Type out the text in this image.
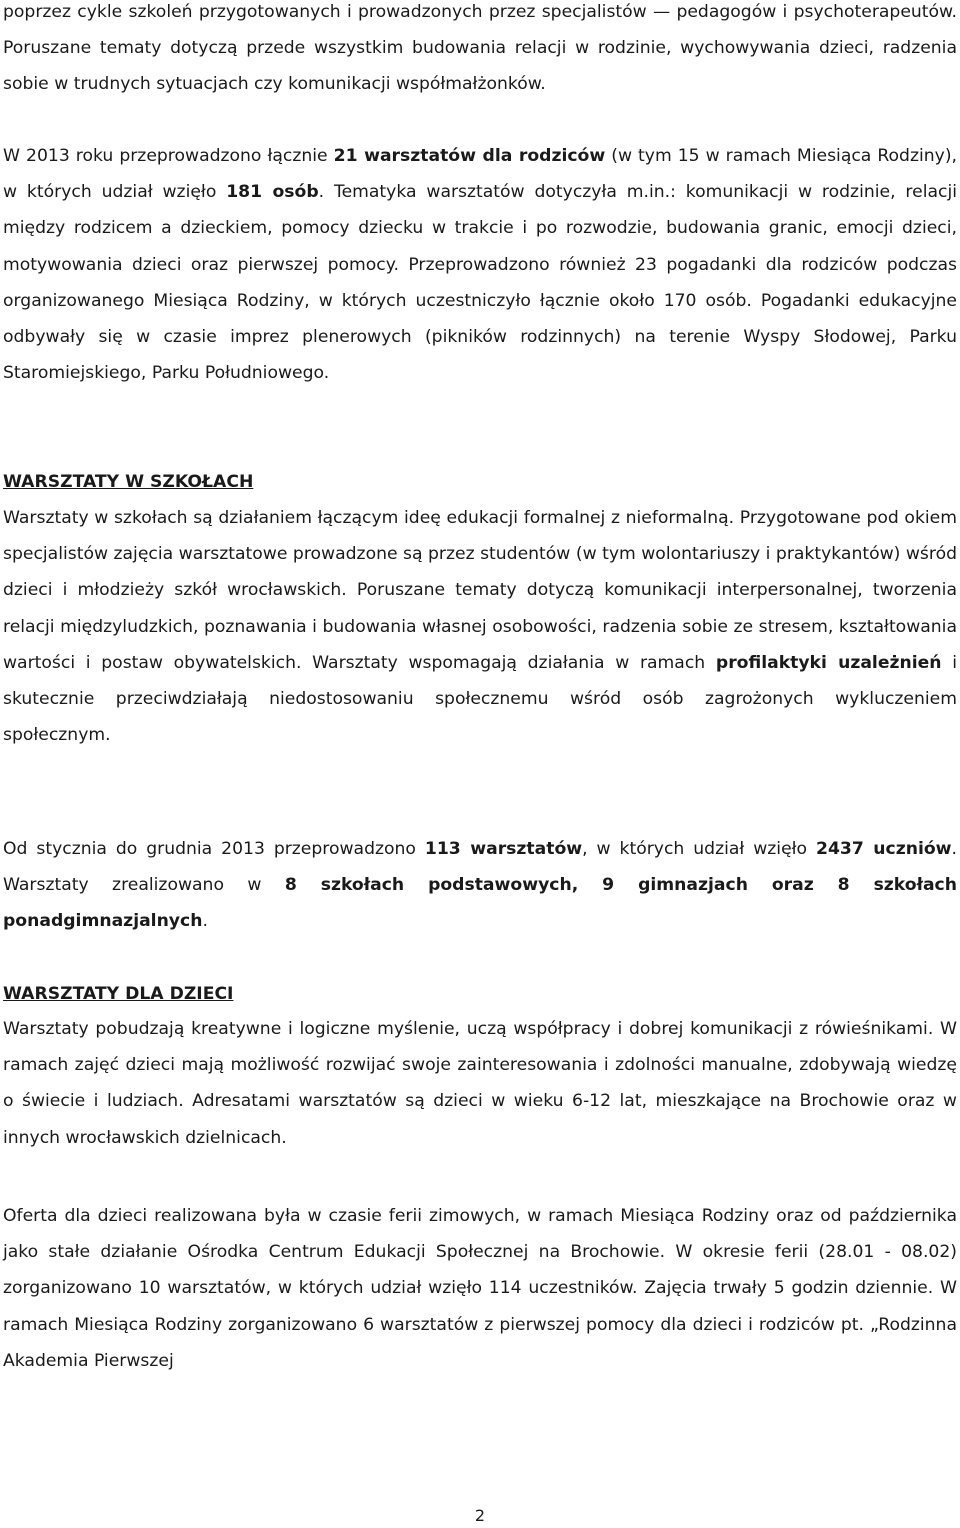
poprzez cykle szkoleń przygotowanych i prowadzonych przez specjalistów — pedagogów i psychoterapeutów. Poruszane tematy dotyczą przede wszystkim budowania relacji w rodzinie, wychowywania dzieci, radzenia sobie w trudnych sytuacjach czy komunikacji współmałżonków.

W 2013 roku przeprowadzono łącznie 21 warsztatów dla rodziców (w tym 15 w ramach Miesiąca Rodziny), w których udział wzięło 181 osób. Tematyka warsztatów dotyczyła m.in.: komunikacji w rodzinie, relacji między rodzicem a dzieckiem, pomocy dziecku w trakcie i po rozwodzie, budowania granic, emocji dzieci, motywowania dzieci oraz pierwszej pomocy. Przeprowadzono również 23 pogadanki dla rodziców podczas organizowanego Miesiąca Rodziny, w których uczestniczyło łącznie około 170 osób. Pogadanki edukacyjne odbywały się w czasie imprez plenerowych (pikników rodzinnych) na terenie Wyspy Słodowej, Parku Staromiejskiego, Parku Południowego.

WARSZTATY W SZKOŁACH

Warsztaty w szkołach są działaniem łączącym ideę edukacji formalnej z nieformalną. Przygotowane pod okiem specjalistów zajęcia warsztatowe prowadzone są przez studentów (w tym wolontariuszy i praktykantów) wśród dzieci i młodzieży szkół wrocławskich. Poruszane tematy dotyczą komunikacji interpersonalnej, tworzenia relacji międzyludzkich, poznawania i budowania własnej osobowości, radzenia sobie ze stresem, kształtowania wartości i postaw obywatelskich. Warsztaty wspomagają działania w ramach profilaktyki uzależnień i skutecznie przeciwdziałają niedostosowaniu społecznemu wśród osób zagrożonych wykluczeniem społecznym.

Od stycznia do grudnia 2013 przeprowadzono 113 warsztatów, w których udział wzięło 2437 uczniów. Warsztaty zrealizowano w 8 szkołach podstawowych, 9 gimnazjach oraz 8 szkołach ponadgimnazjalnych.

WARSZTATY DLA DZIECI

Warsztaty pobudzają kreatywne i logiczne myślenie, uczą współpracy i dobrej komunikacji z rówieśnikami. W ramach zajęć dzieci mają możliwość rozwijać swoje zainteresowania i zdolności manualne, zdobywają wiedzę o świecie i ludziach. Adresatami warsztatów są dzieci w wieku 6-12 lat, mieszkające na Brochowie oraz w innych wrocławskich dzielnicach.

Oferta dla dzieci realizowana była w czasie ferii zimowych, w ramach Miesiąca Rodziny oraz od października jako stałe działanie Ośrodka Centrum Edukacji Społecznej na Brochowie. W okresie ferii (28.01 - 08.02) zorganizowano 10 warsztatów, w których udział wzięło 114 uczestników. Zajęcia trwały 5 godzin dziennie. W ramach Miesiąca Rodziny zorganizowano 6 warsztatów z pierwszej pomocy dla dzieci i rodziców pt. „Rodzinna Akademia Pierwszej

2
